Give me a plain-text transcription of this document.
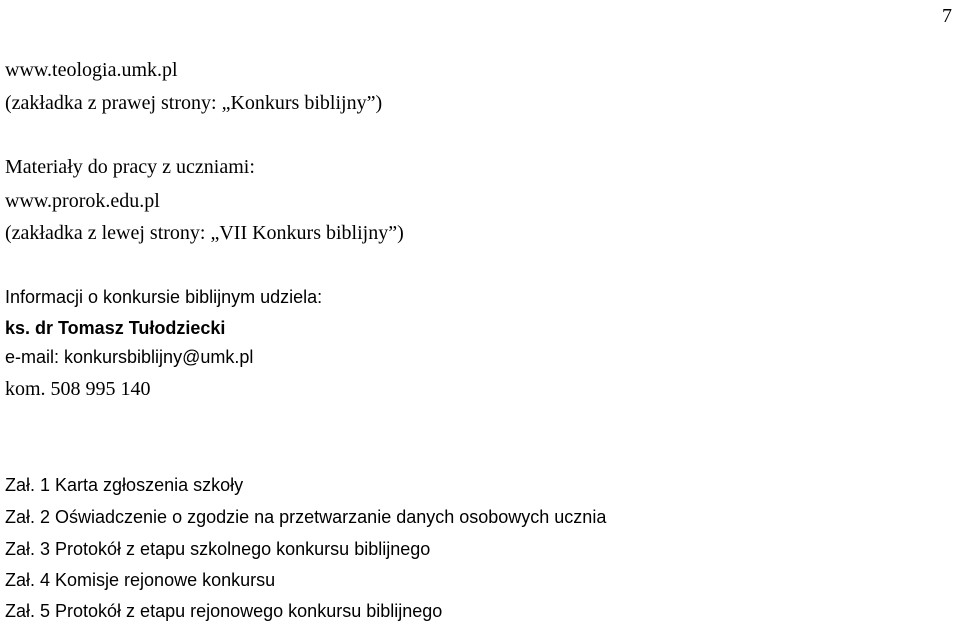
7
www.teologia.umk.pl
(zakładka z prawej strony: „Konkurs biblijny”)
Materiały do pracy z uczniami:
www.prorok.edu.pl
(zakładka z lewej strony: „VII Konkurs biblijny”)
Informacji o konkursie biblijnym udziela:
ks. dr Tomasz Tułodziecki
e-mail: konkursbiblijny@umk.pl
kom. 508 995 140
Zał. 1 Karta zgłoszenia szkoły
Zał. 2 Oświadczenie o zgodzie na przetwarzanie danych osobowych ucznia
Zał. 3 Protokół z etapu szkolnego konkursu biblijnego
Zał. 4 Komisje rejonowe konkursu
Zał. 5 Protokół z etapu rejonowego konkursu biblijnego
